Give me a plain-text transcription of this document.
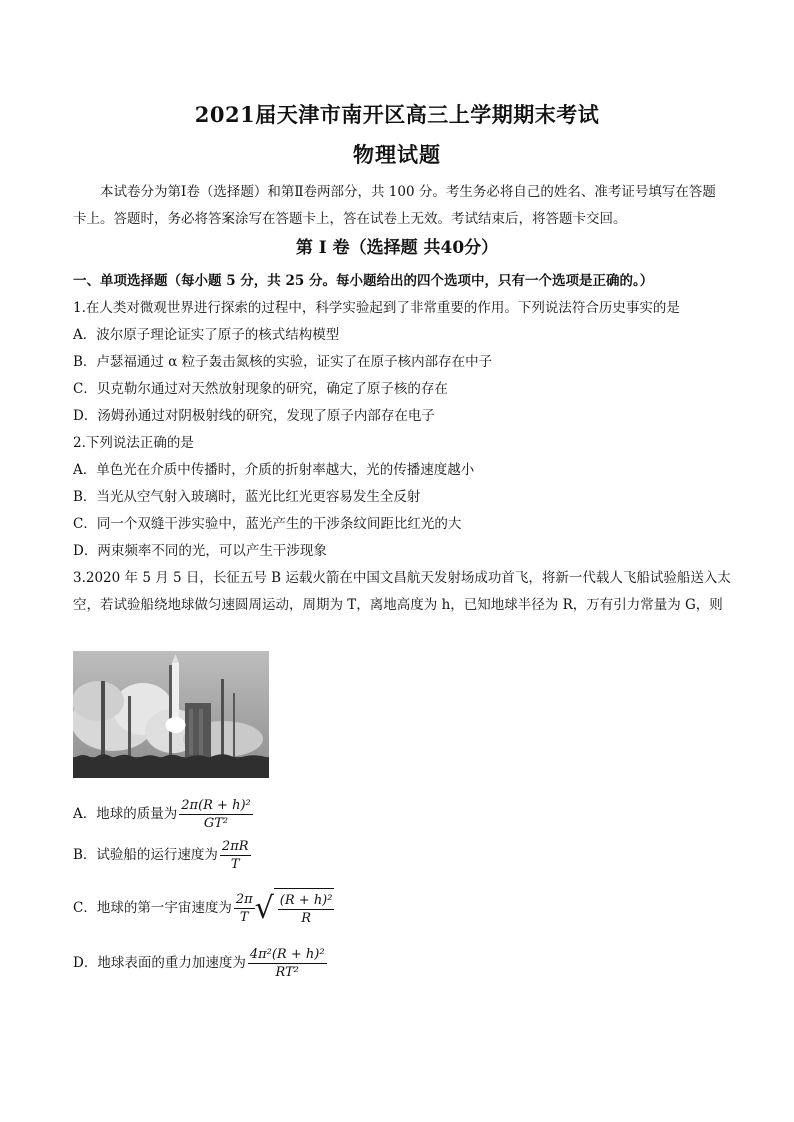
2021届天津市南开区高三上学期期末考试
物理试题
本试卷分为第Ⅰ卷（选择题）和第Ⅱ卷两部分，共 100 分。考生务必将自己的姓名、准考证号填写在答题卡上。答题时，务必将答案涂写在答题卡上，答在试卷上无效。考试结束后，将答题卡交回。
第 Ⅰ 卷（选择题 共40分）
一、单项选择题（每小题 5 分，共 25 分。每小题给出的四个选项中，只有一个选项是正确的。）
1.在人类对微观世界进行探索的过程中，科学实验起到了非常重要的作用。下列说法符合历史事实的是
A．波尔原子理论证实了原子的核式结构模型
B．卢瑟福通过 α 粒子轰击氮核的实验，证实了在原子核内部存在中子
C．贝克勒尔通过对天然放射现象的研究，确定了原子核的存在
D．汤姆孙通过对阴极射线的研究，发现了原子内部存在电子
2.下列说法正确的是
A．单色光在介质中传播时，介质的折射率越大，光的传播速度越小
B．当光从空气射入玻璃时，蓝光比红光更容易发生全反射
C．同一个双缝干涉实验中，蓝光产生的干涉条纹间距比红光的大
D．两束频率不同的光，可以产生干涉现象
3.2020 年 5 月 5 日，长征五号 B 运载火箭在中国文昌航天发射场成功首飞，将新一代载人飞船试验船送入太空，若试验船绕地球做匀速圆周运动，周期为 T，离地高度为 h，已知地球半径为 R，万有引力常量为 G，则
A．地球的质量为 $\frac{\text{2π(R + h)²}}{\text{GT²}}$
B．试验船的运行速度为 $\frac{2\pi R}{T}$
C．地球的第一宇宙速度为 $\frac{2\pi}{T}$ √ $\frac{\text{(R + h)²}}{R}$
D．地球表面的重力加速度为 $\frac{\text{4π²(R + h)²}}{\text{RT²}}$
